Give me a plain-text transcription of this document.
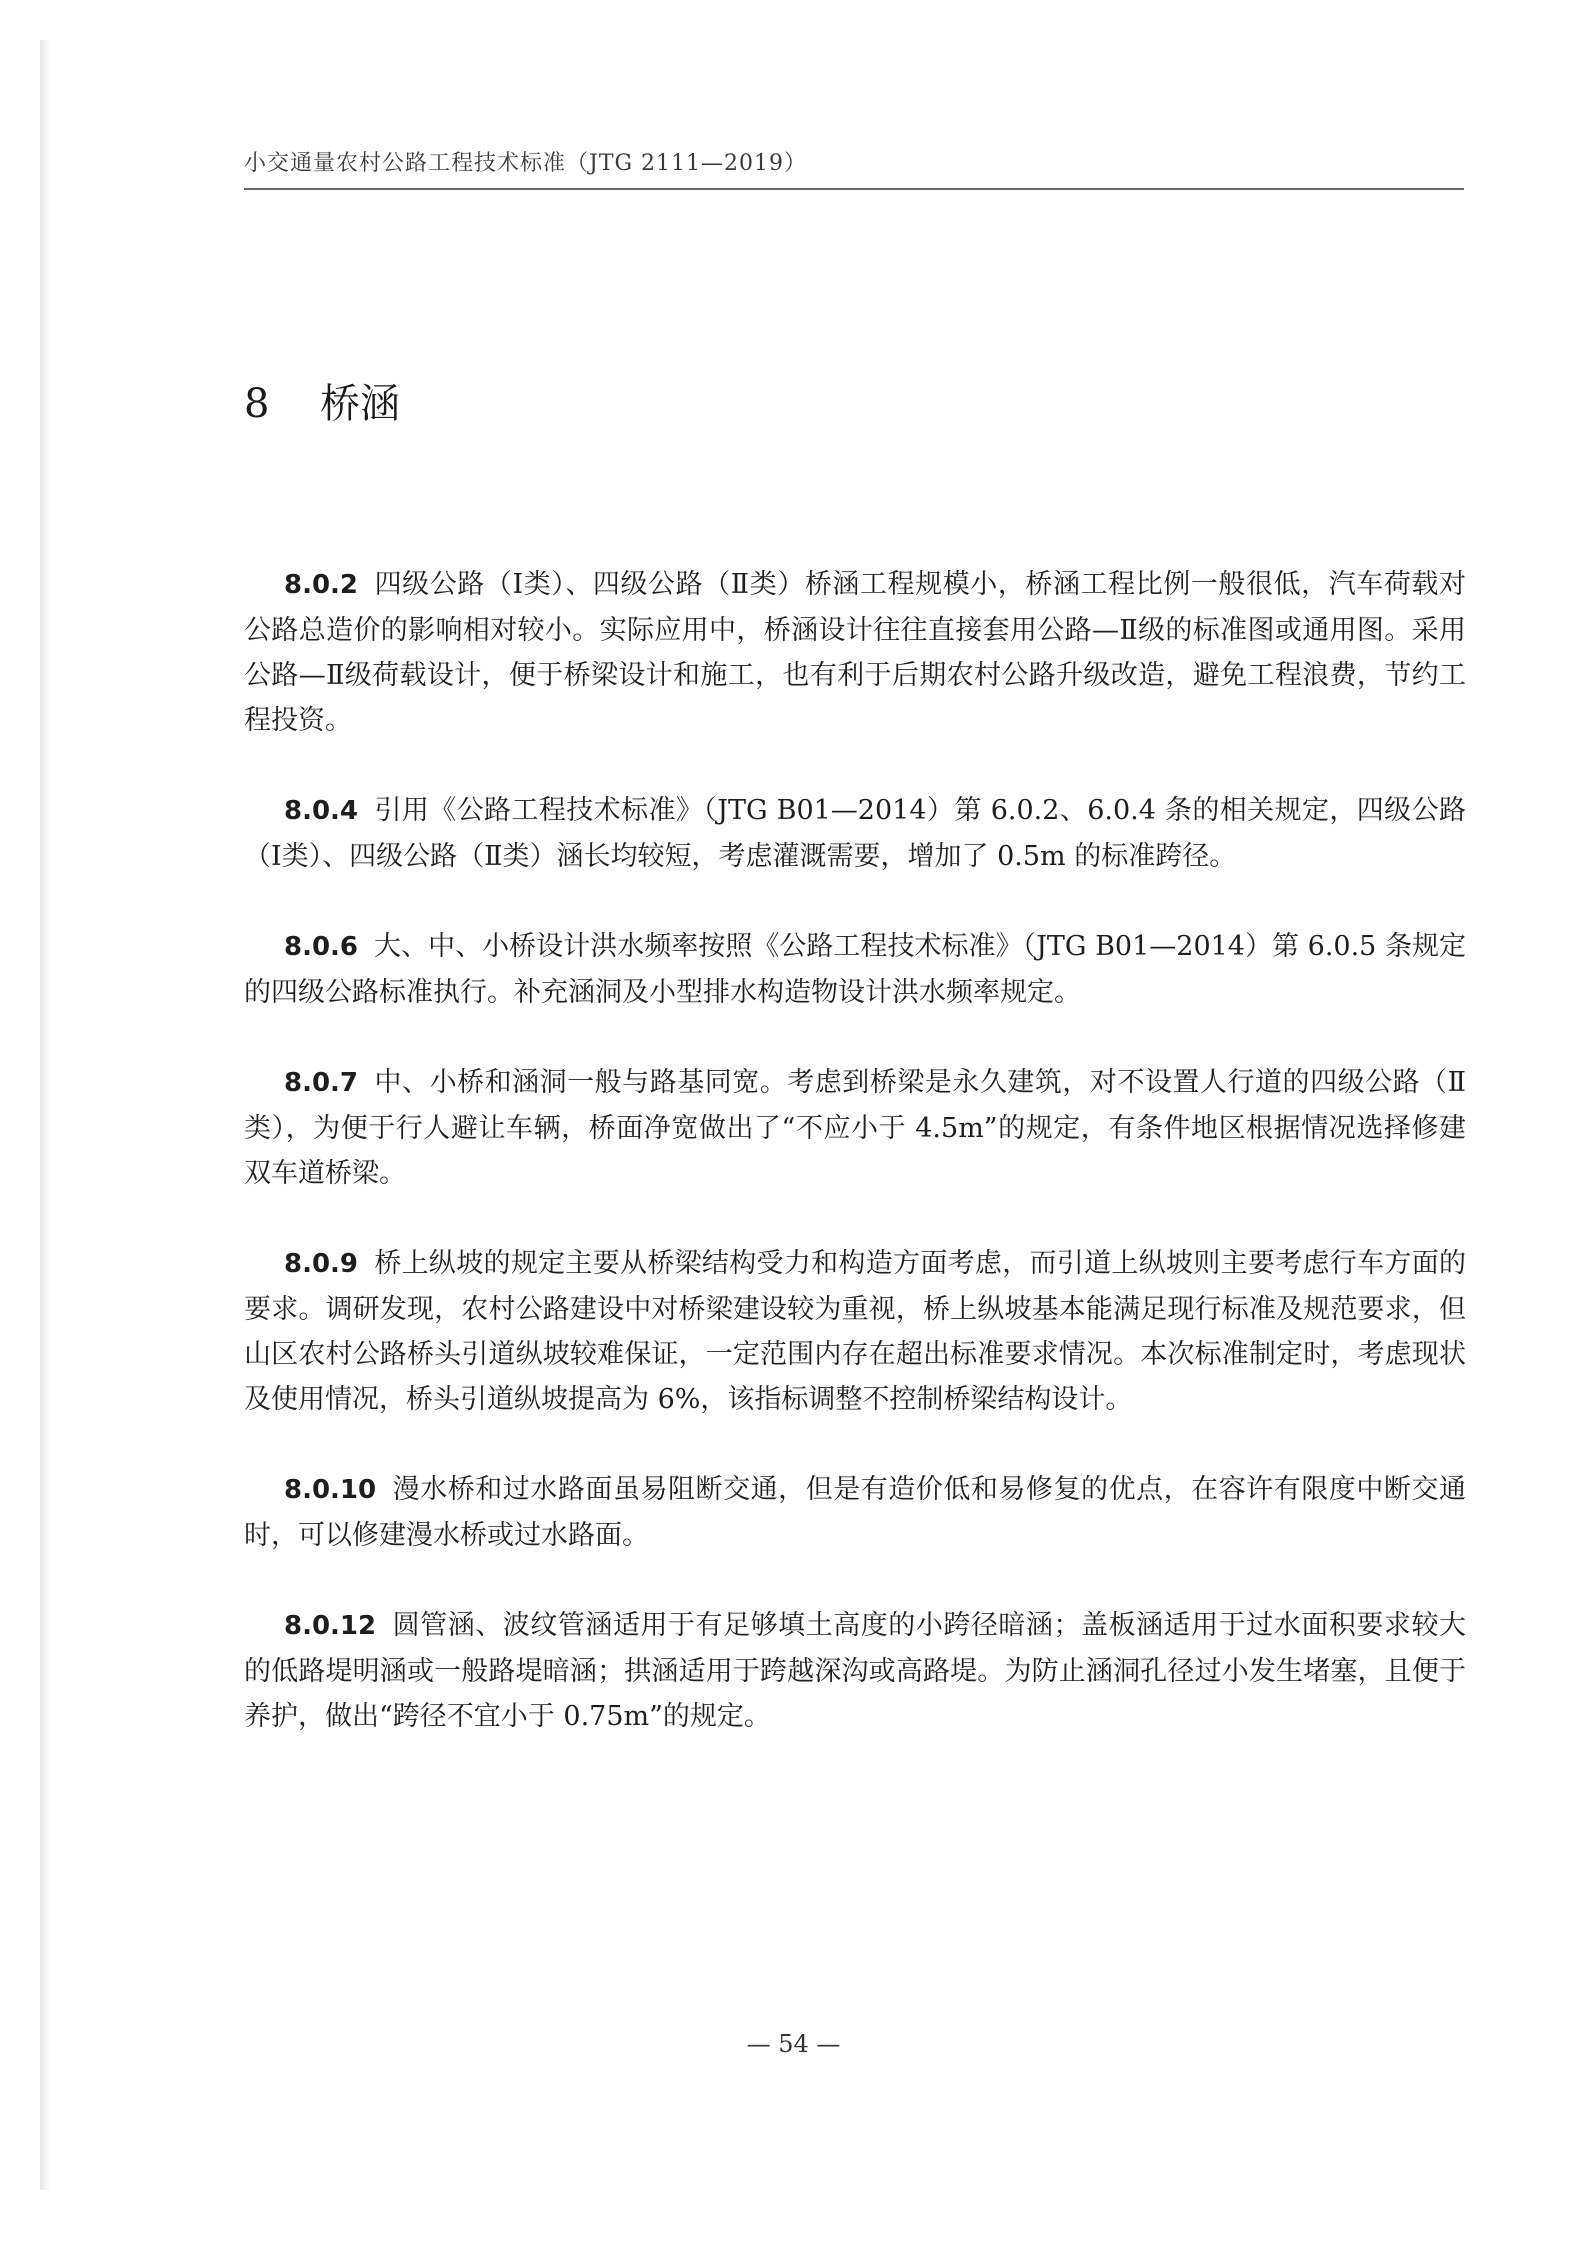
小交通量农村公路工程技术标准（JTG 2111—2019）
8 桥涵

8.0.2 四级公路（Ⅰ类）、四级公路（Ⅱ类）桥涵工程规模小，桥涵工程比例一般很低，汽车荷载对公路总造价的影响相对较小。实际应用中，桥涵设计往往直接套用公路—Ⅱ级的标准图或通用图。采用公路—Ⅱ级荷载设计，便于桥梁设计和施工，也有利于后期农村公路升级改造，避免工程浪费，节约工程投资。

8.0.4 引用《公路工程技术标准》（JTG B01—2014）第 6.0.2、6.0.4 条的相关规定，四级公路（Ⅰ类）、四级公路（Ⅱ类）涵长均较短，考虑灌溉需要，增加了 0.5m 的标准跨径。

8.0.6 大、中、小桥设计洪水频率按照《公路工程技术标准》（JTG B01—2014）第 6.0.5 条规定的四级公路标准执行。补充涵洞及小型排水构造物设计洪水频率规定。

8.0.7 中、小桥和涵洞一般与路基同宽。考虑到桥梁是永久建筑，对不设置人行道的四级公路（Ⅱ类），为便于行人避让车辆，桥面净宽做出了“不应小于 4.5m”的规定，有条件地区根据情况选择修建双车道桥梁。

8.0.9 桥上纵坡的规定主要从桥梁结构受力和构造方面考虑，而引道上纵坡则主要考虑行车方面的要求。调研发现，农村公路建设中对桥梁建设较为重视，桥上纵坡基本能满足现行标准及规范要求，但山区农村公路桥头引道纵坡较难保证，一定范围内存在超出标准要求情况。本次标准制定时，考虑现状及使用情况，桥头引道纵坡提高为 6%，该指标调整不控制桥梁结构设计。

8.0.10 漫水桥和过水路面虽易阻断交通，但是有造价低和易修复的优点，在容许有限度中断交通时，可以修建漫水桥或过水路面。

8.0.12 圆管涵、波纹管涵适用于有足够填土高度的小跨径暗涵；盖板涵适用于过水面积要求较大的低路堤明涵或一般路堤暗涵；拱涵适用于跨越深沟或高路堤。为防止涵洞孔径过小发生堵塞，且便于养护，做出“跨径不宜小于 0.75m”的规定。

— 54 —
